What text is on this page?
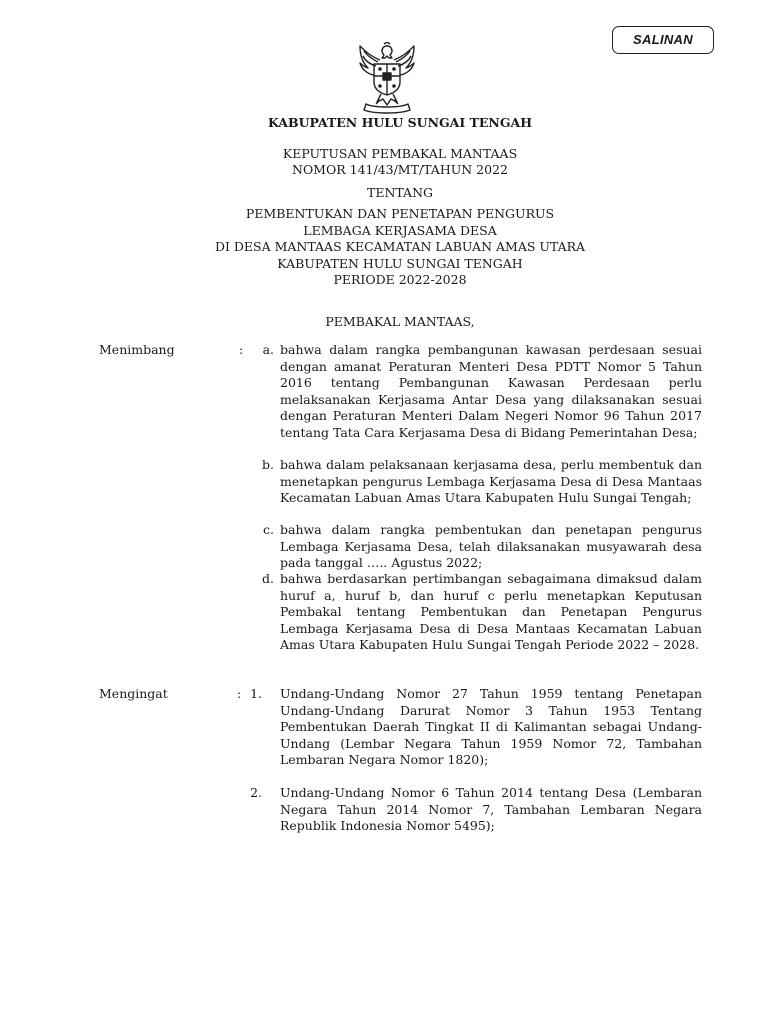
SALINAN
KABUPATEN HULU SUNGAI TENGAH
KEPUTUSAN PEMBAKAL MANTAAS
NOMOR 141/43/MT/TAHUN 2022
TENTANG
PEMBENTUKAN DAN PENETAPAN PENGURUS
LEMBAGA KERJASAMA DESA
DI DESA MANTAAS KECAMATAN LABUAN AMAS UTARA
KABUPATEN HULU SUNGAI TENGAH
PERIODE 2022-2028
PEMBAKAL MANTAAS,
Menimbang	:	a. bahwa dalam rangka pembangunan kawasan perdesaan sesuai dengan amanat Peraturan Menteri Desa PDTT Nomor 5 Tahun 2016 tentang Pembangunan Kawasan Perdesaan perlu melaksanakan Kerjasama Antar Desa yang dilaksanakan sesuai dengan Peraturan Menteri Dalam Negeri Nomor 96 Tahun 2017 tentang Tata Cara Kerjasama Desa di Bidang Pemerintahan Desa;

b. bahwa dalam pelaksanaan kerjasama desa, perlu membentuk dan menetapkan pengurus Lembaga Kerjasama Desa di Desa Mantaas Kecamatan Labuan Amas Utara Kabupaten Hulu Sungai Tengah;

c. bahwa dalam rangka pembentukan dan penetapan pengurus Lembaga Kerjasama Desa, telah dilaksanakan musyawarah desa pada tanggal ….. Agustus 2022;

d. bahwa berdasarkan pertimbangan sebagaimana dimaksud dalam huruf a, huruf b, dan huruf c perlu menetapkan Keputusan Pembakal tentang Pembentukan dan Penetapan Pengurus Lembaga Kerjasama Desa di Desa Mantaas Kecamatan Labuan Amas Utara Kabupaten Hulu Sungai Tengah Periode 2022 – 2028.

Mengingat	: 1. Undang-Undang Nomor 27 Tahun 1959 tentang Penetapan Undang-Undang Darurat Nomor 3 Tahun 1953 Tentang Pembentukan Daerah Tingkat II di Kalimantan sebagai Undang-Undang (Lembar Negara Tahun 1959 Nomor 72, Tambahan Lembaran Negara Nomor 1820);

2. Undang-Undang Nomor 6 Tahun 2014 tentang Desa (Lembaran Negara Tahun 2014 Nomor 7, Tambahan Lembaran Negara Republik Indonesia Nomor 5495);
